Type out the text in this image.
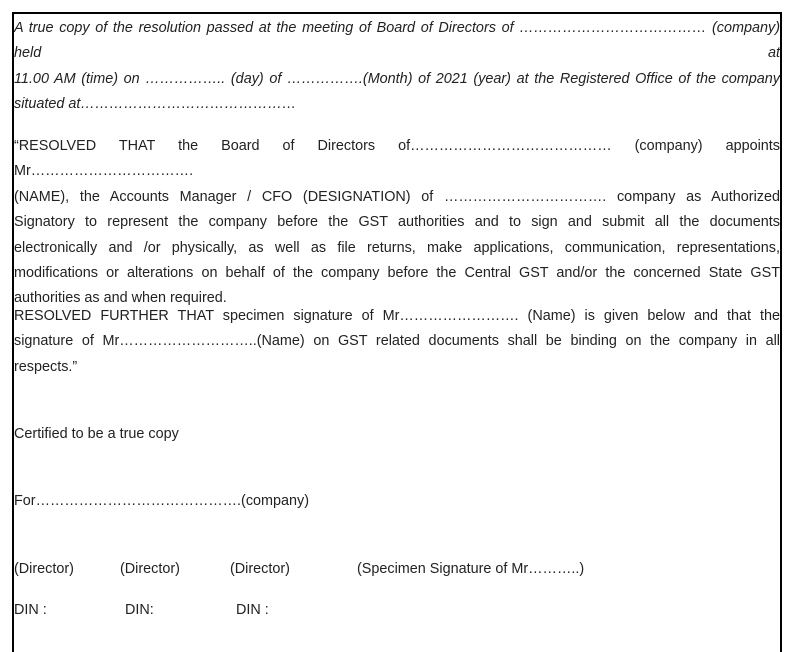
A true copy of the resolution passed at the meeting of Board of Directors of ………………………………… (company) held at
11.00 AM (time) on …………….. (day) of …………….(Month) of 2021 (year) at the Registered Office of the company
situated at………………………………………
“RESOLVED THAT the Board of Directors of…………………………………… (company) appoints Mr…………………………….
(NAME), the Accounts Manager / CFO (DESIGNATION) of ……………………………. company as Authorized
Signatory to represent the company before the GST authorities and to sign and submit all the documents
electronically and /or physically, as well as file returns, make applications, communication, representations,
modifications or alterations on behalf of the company before the Central GST and/or the concerned State GST
authorities as and when required.
RESOLVED FURTHER THAT specimen signature of Mr……………………. (Name) is given below and that the
signature of Mr………………………..(Name) on GST related documents shall be binding on the company in all
respects.”
Certified to be a true copy
For…………………………………….(company)
(Director)	(Director)	(Director)	(Specimen Signature of Mr………..)
DIN :	DIN:	DIN :
